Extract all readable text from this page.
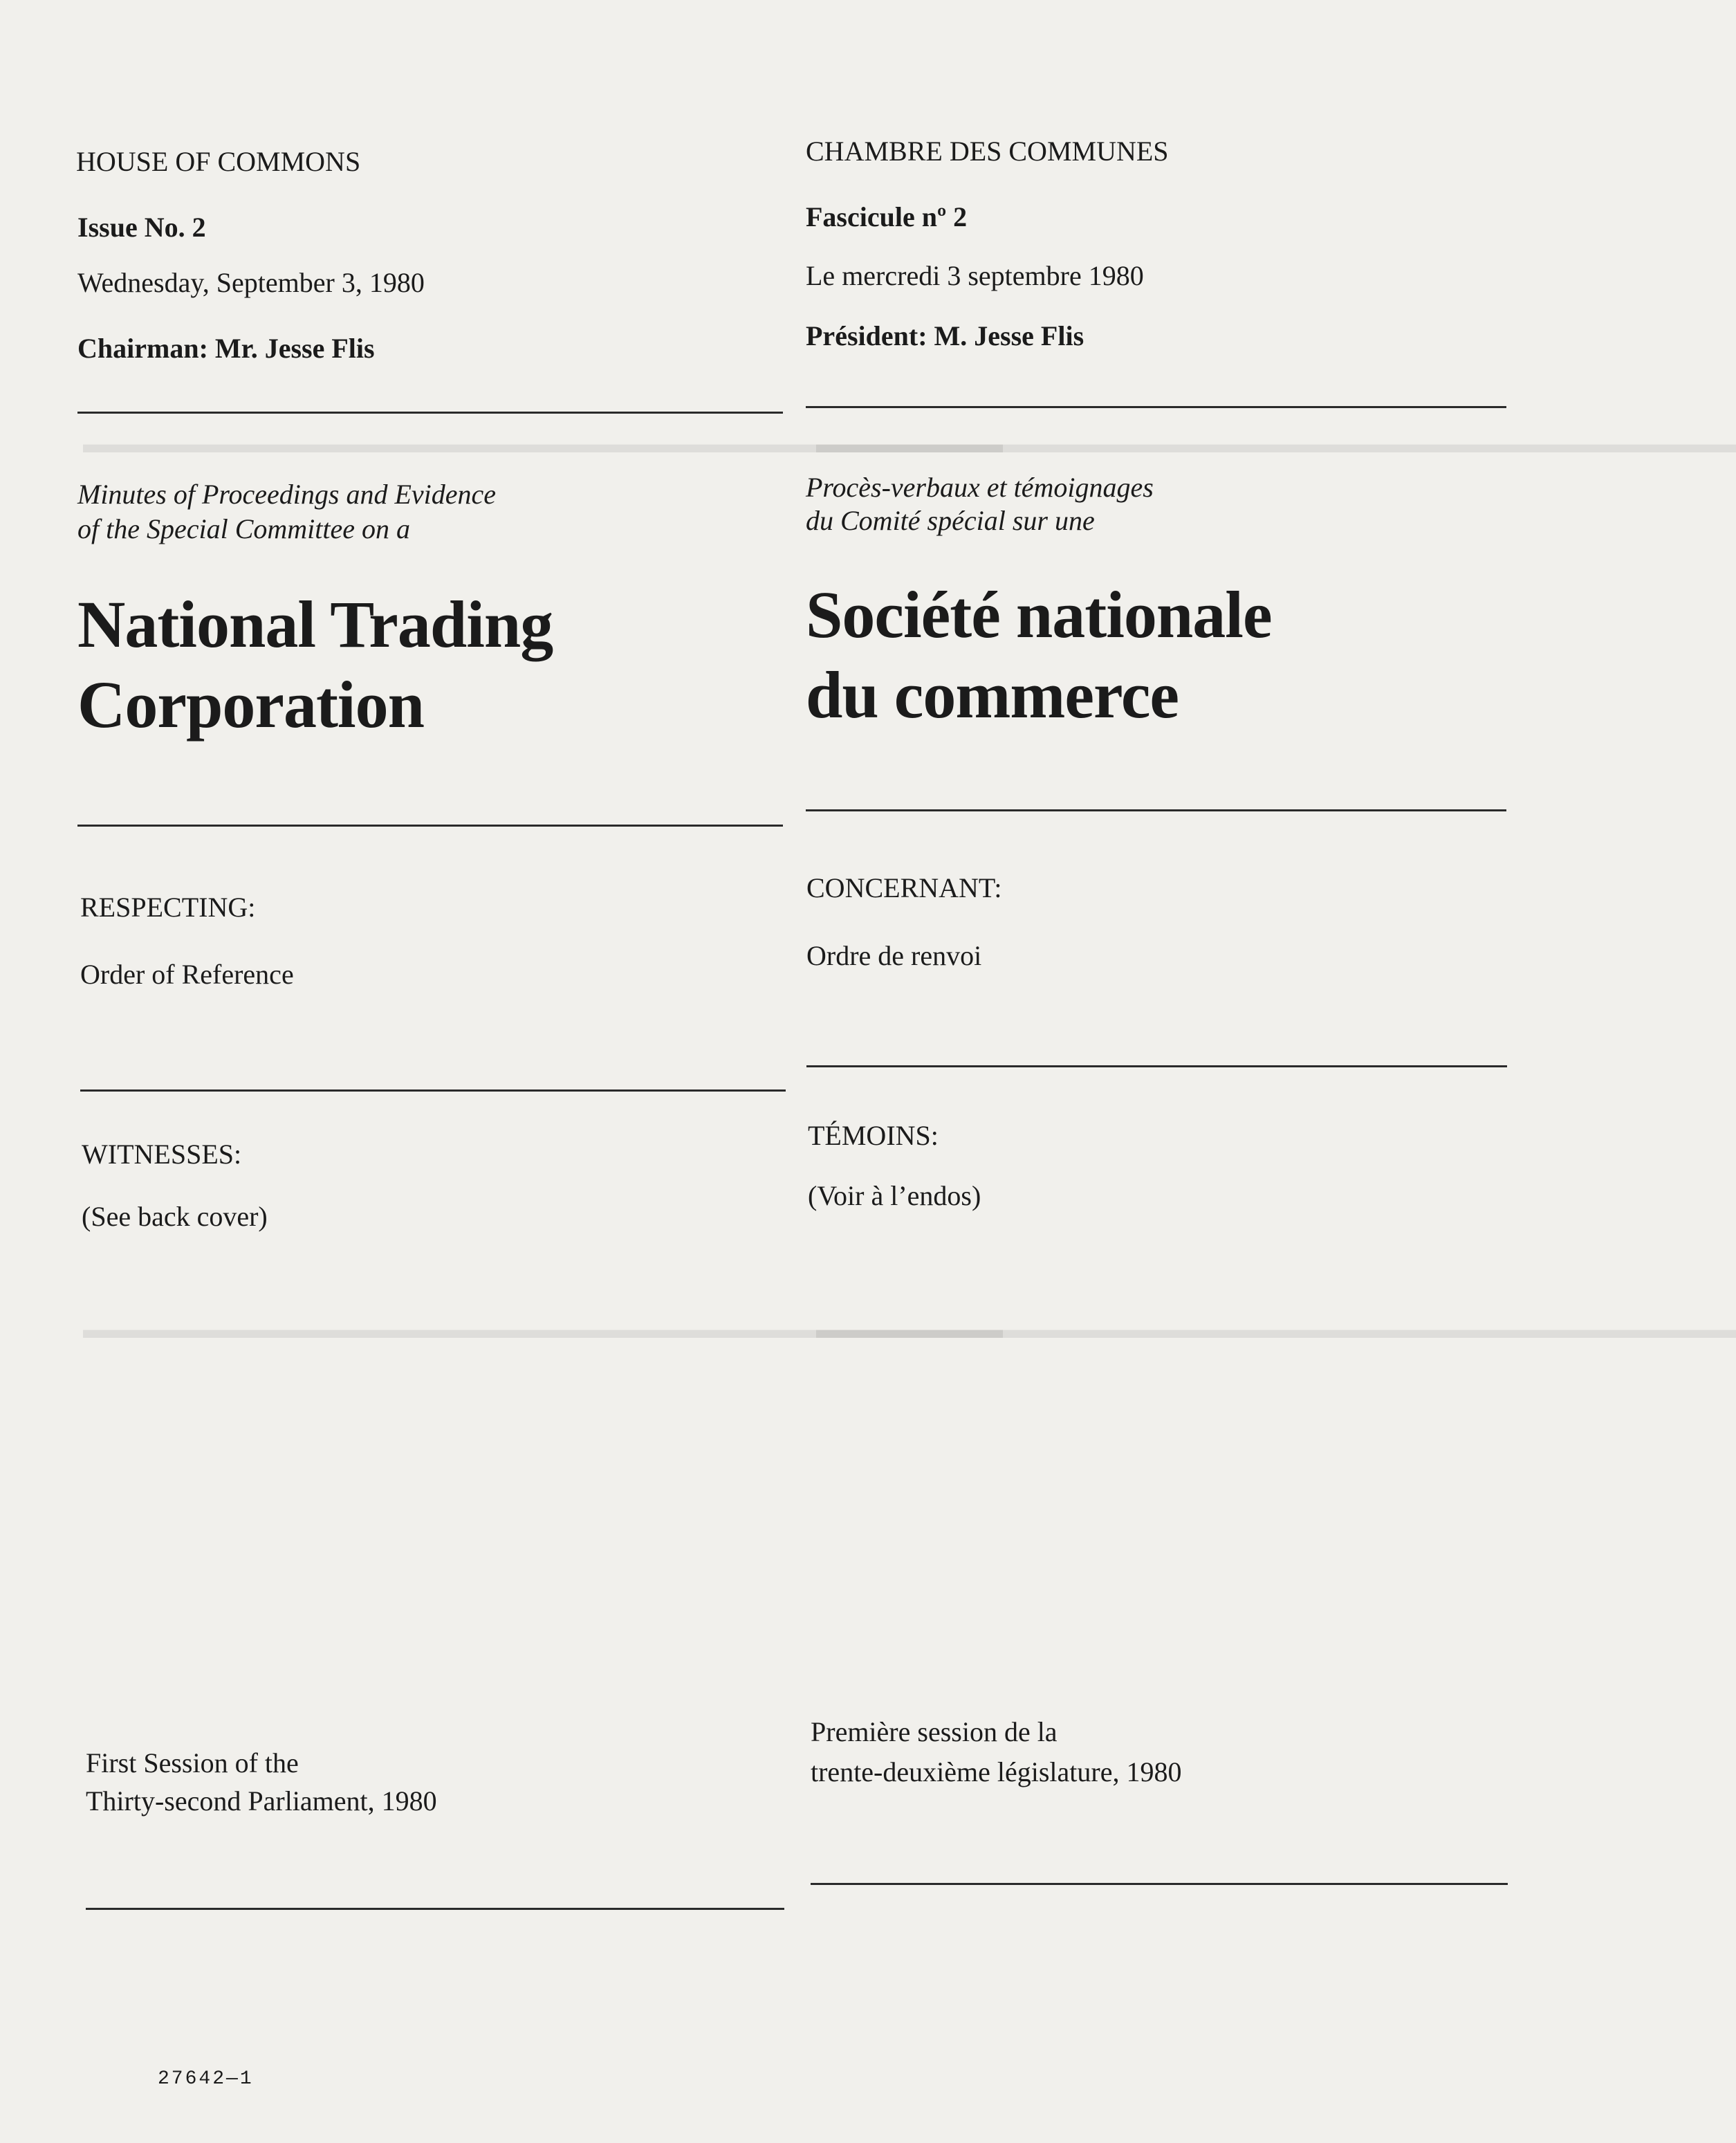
▬▬▬▬▬▬▬▬▬▬▬▬▬▬▬▬▬▬▬▬▬▬▬▬▬▬▬▬▬▬▬▬▬▬▬
▬▬▬▬▬▬▬▬▬▬▬▬▬▬▬▬▬▬▬▬▬▬▬▬▬▬▬▬▬▬▬▬▬▬▬
▬▬▬▬▬▬▬▬▬▬▬▬▬▬▬▬▬▬▬▬▬▬▬▬▬▬▬▬▬▬▬▬▬▬▬
▬▬▬▬▬▬▬▬▬▬▬▬▬▬▬▬▬▬▬▬▬▬▬▬▬▬▬▬▬▬▬▬▬▬▬

HOUSE OF COMMONS

Issue No. 2

Wednesday, September 3, 1980

Chairman: Mr. Jesse Flis

Minutes of Proceedings and Evidence

of the Special Committee on a

National Trading

Corporation

RESPECTING:

Order of Reference

WITNESSES:

(See back cover)

First Session of the

Thirty-second Parliament, 1980

27642—1

CHAMBRE DES COMMUNES

Fascicule nº 2

Le mercredi 3 septembre 1980

Président: M. Jesse Flis

Procès-verbaux et témoignages

du Comité spécial sur une

Société nationale

du commerce

CONCERNANT:

Ordre de renvoi

TÉMOINS:

(Voir à l’endos)

Première session de la

trente-deuxième législature, 1980
